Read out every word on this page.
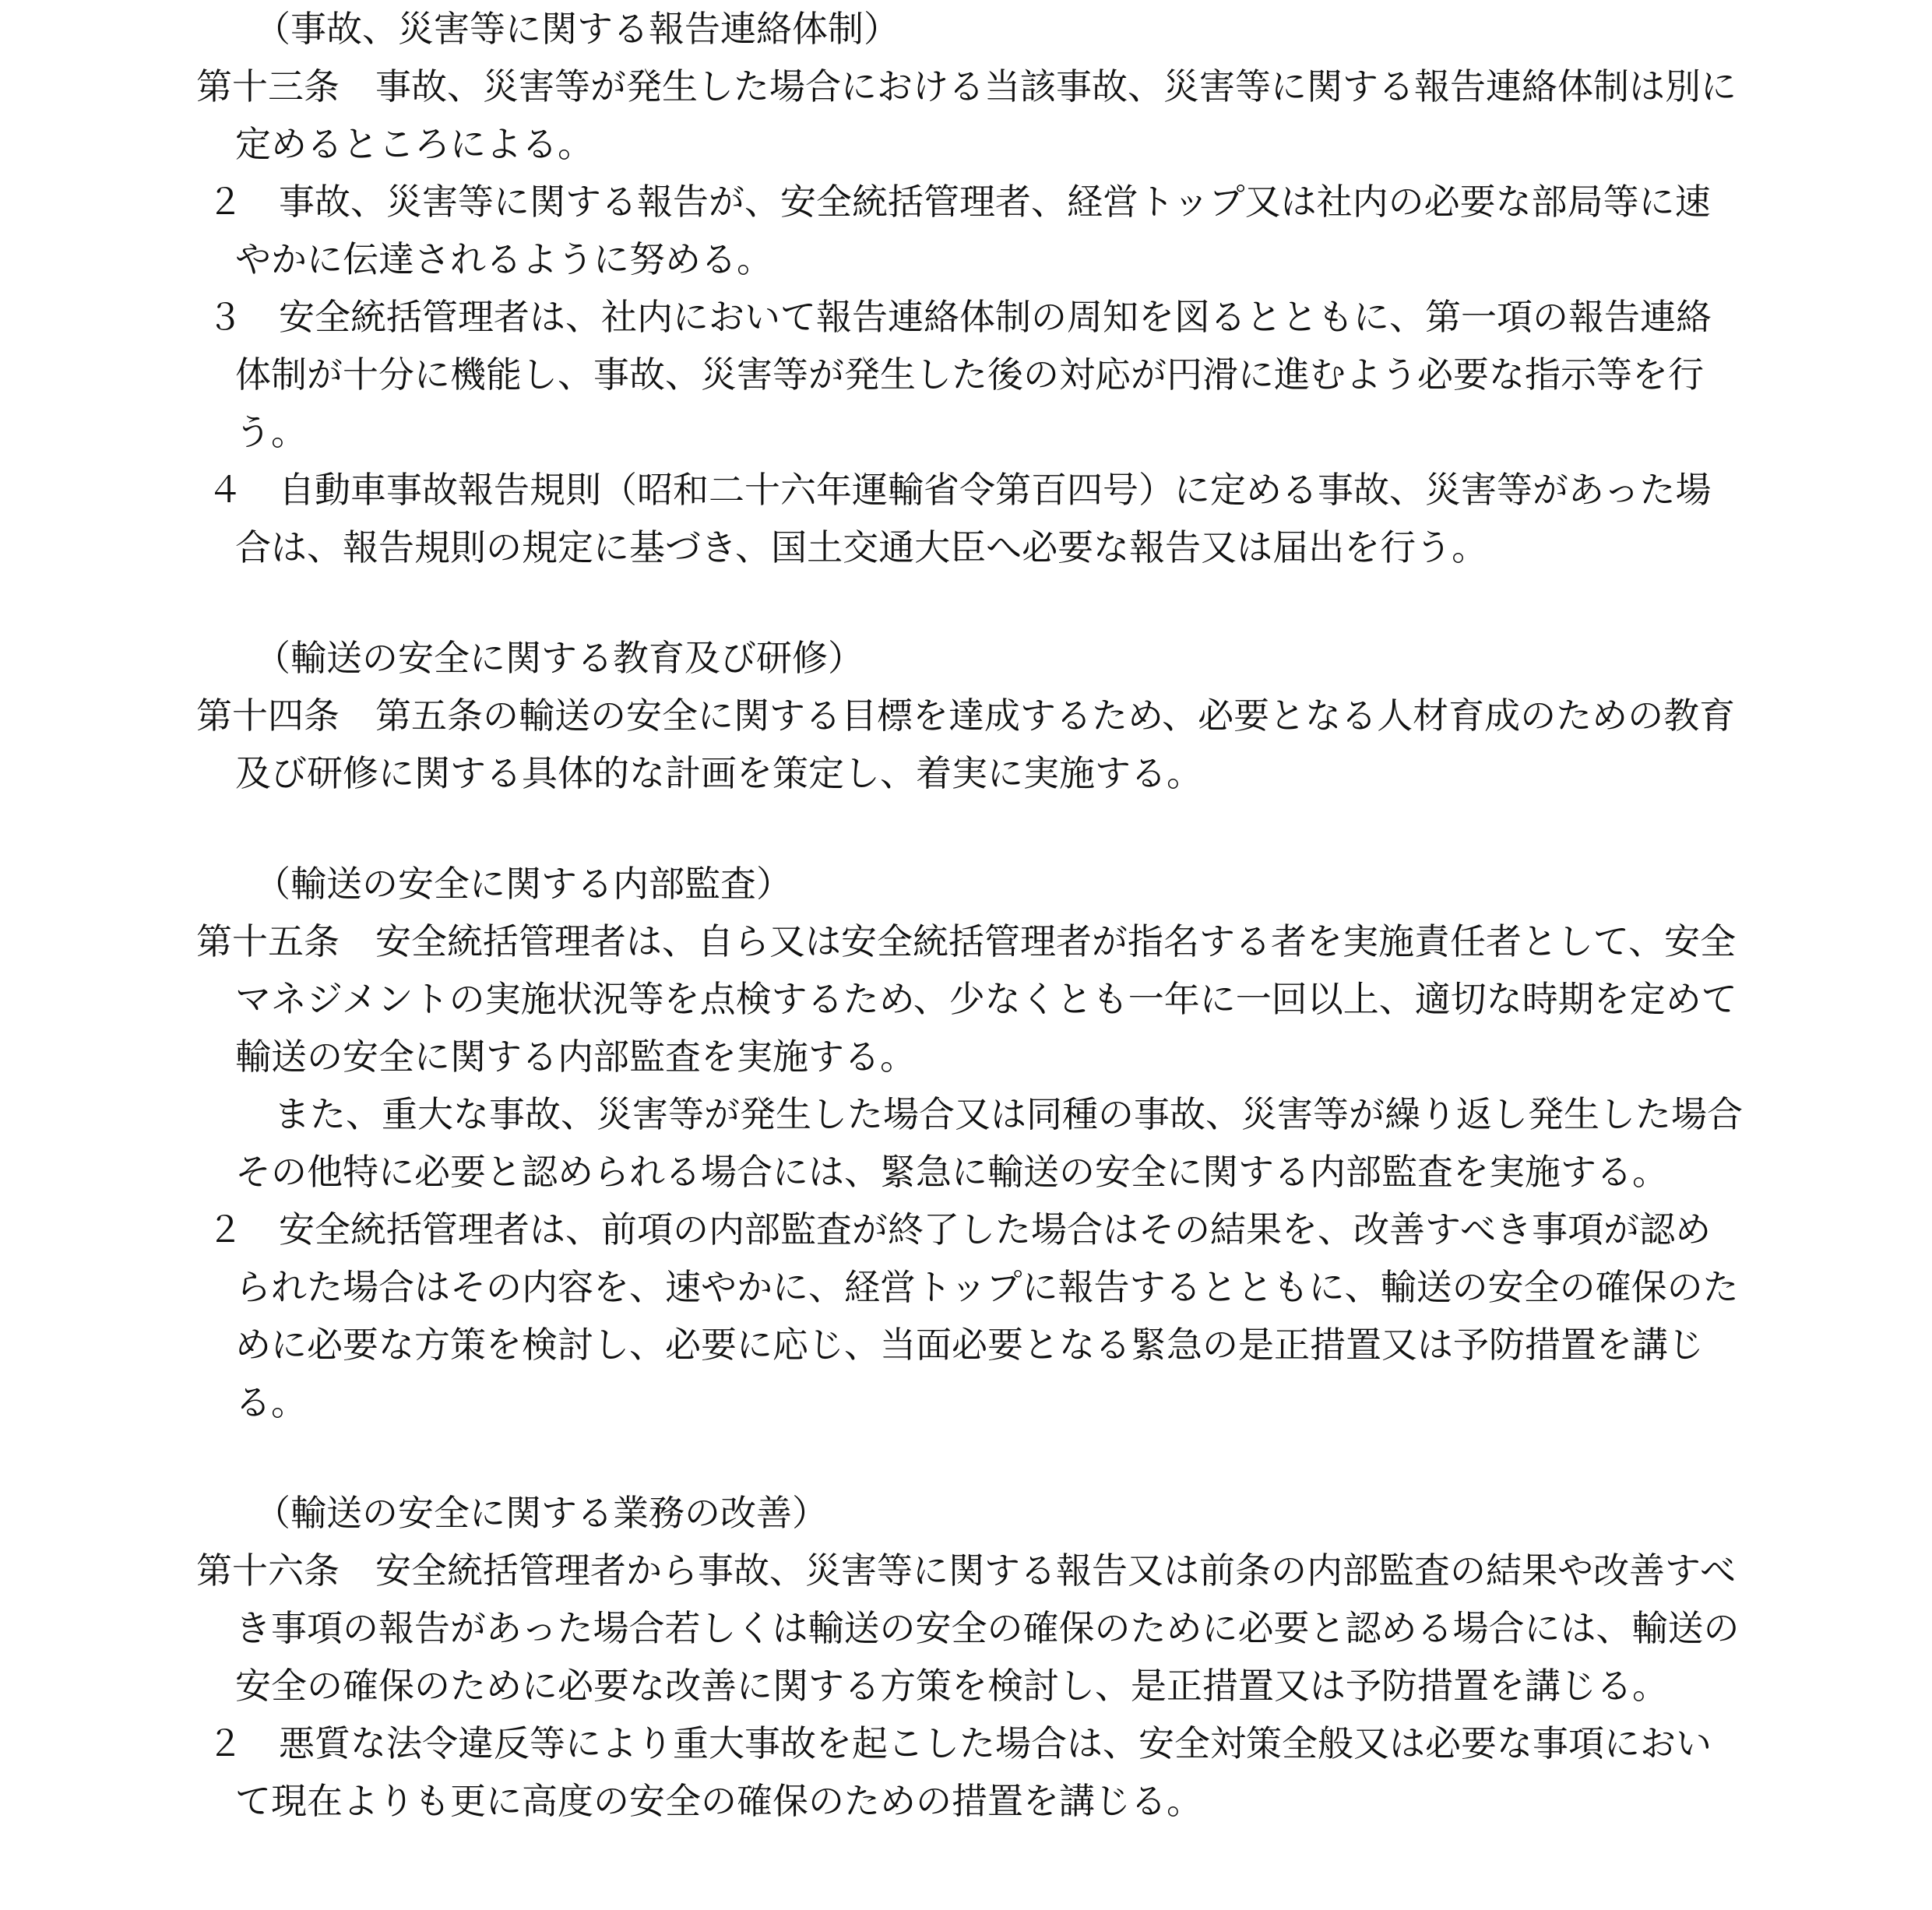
（事故、災害等に関する報告連絡体制）

第十三条　事故、災害等が発生した場合における当該事故、災害等に関する報告連絡体制は別に定めるところによる。

２　事故、災害等に関する報告が、安全統括管理者、経営トップ又は社内の必要な部局等に速やかに伝達されるように努める。

３　安全統括管理者は、社内において報告連絡体制の周知を図るとともに、第一項の報告連絡体制が十分に機能し、事故、災害等が発生した後の対応が円滑に進むよう必要な指示等を行う。

４　自動車事故報告規則（昭和二十六年運輸省令第百四号）に定める事故、災害等があった場合は、報告規則の規定に基づき、国土交通大臣へ必要な報告又は届出を行う。

（輸送の安全に関する教育及び研修）

第十四条　第五条の輸送の安全に関する目標を達成するため、必要となる人材育成のための教育及び研修に関する具体的な計画を策定し、着実に実施する。

（輸送の安全に関する内部監査）

第十五条　安全統括管理者は、自ら又は安全統括管理者が指名する者を実施責任者として、安全マネジメントの実施状況等を点検するため、少なくとも一年に一回以上、適切な時期を定めて輸送の安全に関する内部監査を実施する。

また、重大な事故、災害等が発生した場合又は同種の事故、災害等が繰り返し発生した場合その他特に必要と認められる場合には、緊急に輸送の安全に関する内部監査を実施する。

２　安全統括管理者は、前項の内部監査が終了した場合はその結果を、改善すべき事項が認められた場合はその内容を、速やかに、経営トップに報告するとともに、輸送の安全の確保のために必要な方策を検討し、必要に応じ、当面必要となる緊急の是正措置又は予防措置を講じる。

（輸送の安全に関する業務の改善）

第十六条　安全統括管理者から事故、災害等に関する報告又は前条の内部監査の結果や改善すべき事項の報告があった場合若しくは輸送の安全の確保のために必要と認める場合には、輸送の安全の確保のために必要な改善に関する方策を検討し、是正措置又は予防措置を講じる。

２　悪質な法令違反等により重大事故を起こした場合は、安全対策全般又は必要な事項において現在よりも更に高度の安全の確保のための措置を講じる。
